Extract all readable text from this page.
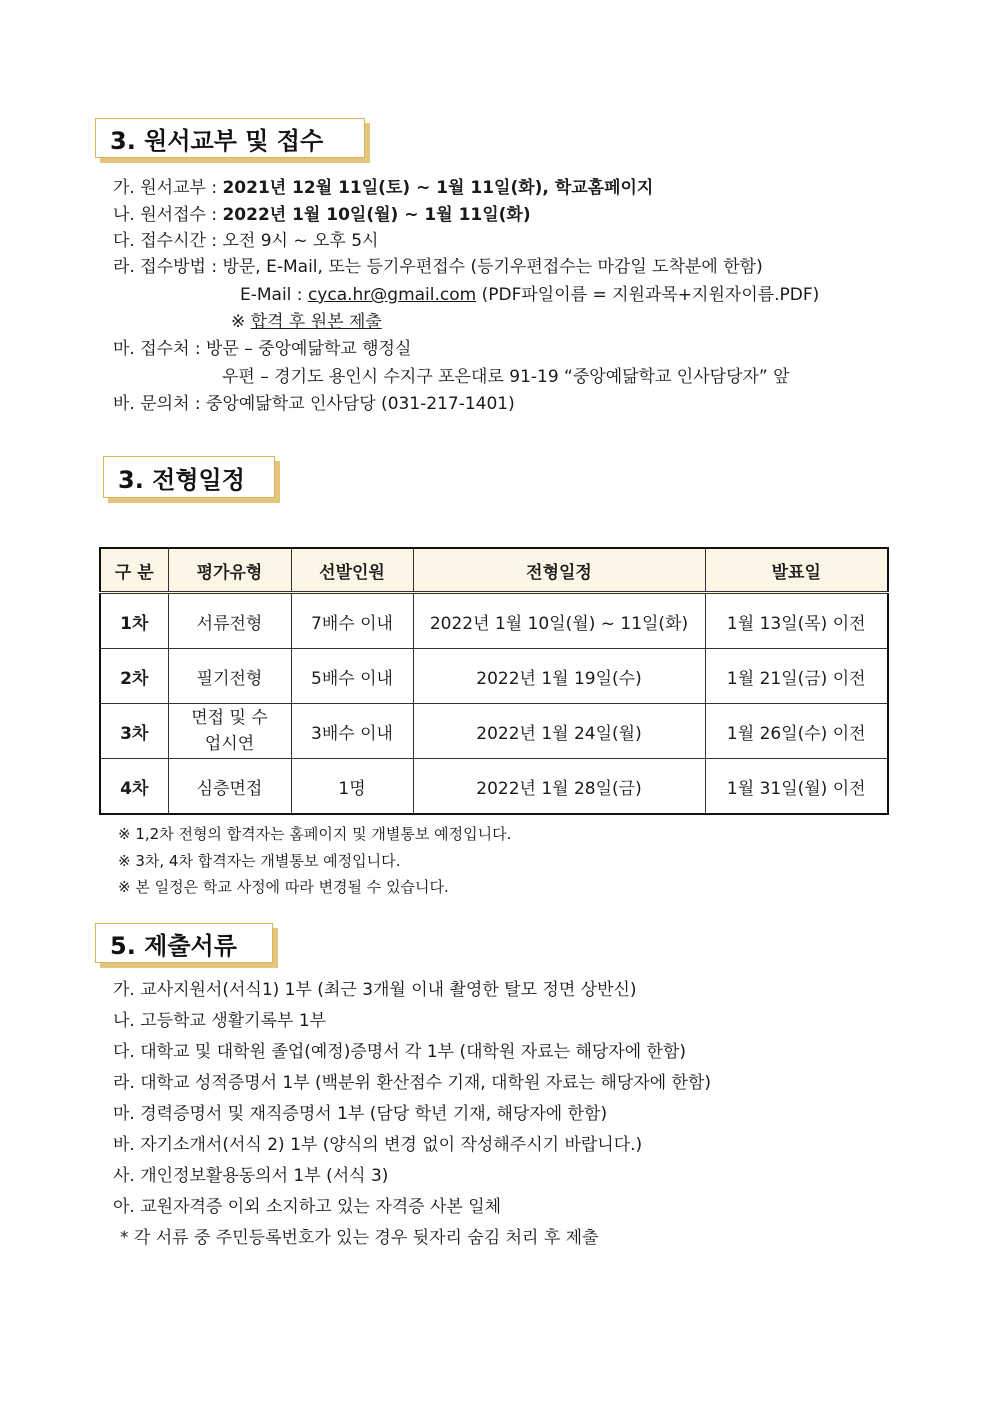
3. 원서교부 및 접수
가. 원서교부 : 2021년 12월 11일(토) ~ 1월 11일(화), 학교홈페이지
나. 원서접수 : 2022년 1월 10일(월) ~ 1월 11일(화)
다. 접수시간 : 오전 9시 ~ 오후 5시
라. 접수방법 : 방문, E-Mail, 또는 등기우편접수 (등기우편접수는 마감일 도착분에 한함)
E-Mail : cyca.hr@gmail.com (PDF파일이름 = 지원과목+지원자이름.PDF)
※ 합격 후 원본 제출
마. 접수처 : 방문 – 중앙예닮학교 행정실
우편 – 경기도 용인시 수지구 포은대로 91-19 “중앙예닮학교 인사담당자” 앞
바. 문의처 : 중앙예닮학교 인사담당 (031-217-1401)
3. 전형일정
구 분	평가유형	선발인원	전형일정	발표일
1차	서류전형	7배수 이내	2022년 1월 10일(월) ~ 11일(화)	1월 13일(목) 이전
2차	필기전형	5배수 이내	2022년 1월 19일(수)	1월 21일(금) 이전
3차	면접 및 수업시연	3배수 이내	2022년 1월 24일(월)	1월 26일(수) 이전
4차	심층면접	1명	2022년 1월 28일(금)	1월 31일(월) 이전
※ 1,2차 전형의 합격자는 홈페이지 및 개별통보 예정입니다.
※ 3차, 4차 합격자는 개별통보 예정입니다.
※ 본 일정은 학교 사정에 따라 변경될 수 있습니다.
5. 제출서류
가. 교사지원서(서식1) 1부 (최근 3개월 이내 촬영한 탈모 정면 상반신)
나. 고등학교 생활기록부 1부
다. 대학교 및 대학원 졸업(예정)증명서 각 1부 (대학원 자료는 해당자에 한함)
라. 대학교 성적증명서 1부 (백분위 환산점수 기재, 대학원 자료는 해당자에 한함)
마. 경력증명서 및 재직증명서 1부 (담당 학년 기재, 해당자에 한함)
바. 자기소개서(서식 2) 1부 (양식의 변경 없이 작성해주시기 바랍니다.)
사. 개인정보활용동의서 1부 (서식 3)
아. 교원자격증 이외 소지하고 있는 자격증 사본 일체
* 각 서류 중 주민등록번호가 있는 경우 뒷자리 숨김 처리 후 제출
